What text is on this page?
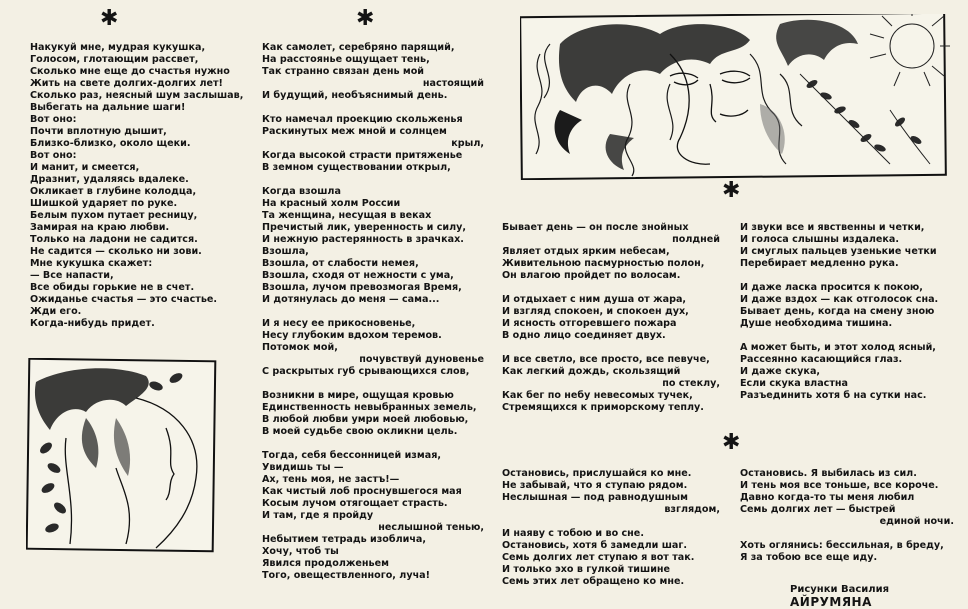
✱	✱
✱
✱
Накукуй мне, мудрая кукушка,
Голосом, глотающим рассвет,
Сколько мне еще до счастья нужно
Жить на свете долгих-долгих лет!
Сколько раз, неясный шум заслышав,
Выбегать на дальние шаги!
Вот оно:
Почти вплотную дышит,
Близко-близко, около щеки.
Вот оно:
И манит, и смеется,
Дразнит, удаляясь вдалеке.
Окликает в глубине колодца,
Шишкой ударяет по руке.
Белым пухом путает ресницу,
Замирая на краю любви.
Только на ладони не садится.
Не садится — сколько ни зови.
Мне кукушка скажет:
— Все напасти,
Все обиды горькие не в счет.
Ожиданье счастья — это счастье.
Жди его.
Когда-нибудь придет.
Как самолет, серебряно парящий,
На расстоянье ощущает тень,
Так странно связан день мой
настоящий
И будущий, необъяснимый день.
Кто намечал проекцию скольженья
Раскинутых меж мной и солнцем
крыл,
Когда высокой страсти притяженье
В земном существовании открыл,
Когда взошла
На красный холм России
Та женщина, несущая в веках
Пречистый лик, уверенность и силу,
И нежную растерянность в зрачках.
Взошла,
Взошла, от слабости немея,
Взошла, сходя от нежности с ума,
Взошла, лучом превозмогая Время,
И дотянулась до меня — сама...
И я несу ее прикосновенье,
Несу глубоким вдохом теремов.
Потомок мой,
почувствуй дуновенье
С раскрытых губ срывающихся слов,
Возникни в мире, ощущая кровью
Единственность невыбранных земель,
В любой любви умри моей любовью,
В моей судьбе свою окликни цель.
Тогда, себя бессонницей измая,
Увидишь ты —
Ах, тень моя, не застъ!—
Как чистый лоб проснувшегося мая
Косым лучом отягощает страсть.
И там, где я пройду
неслышной тенью,
Небытием тетрадь изоблича,
Хочу, чтоб ты
Явился продолженьем
Того, овеществленного, луча!
Бывает день — он после знойных
полдней
Являет отдых ярким небесам,
Живительною пасмурностью полон,
Он влагою пройдет по волосам.
И отдыхает с ним душа от жара,
И взгляд спокоен, и спокоен дух,
И ясность отгоревшего пожара
В одно лицо соединяет двух.
И все светло, все просто, все певуче,
Как легкий дождь, скользящий
по стеклу,
Как бег по небу невесомых тучек,
Стремящихся к приморскому теплу.
И звуки все и явственны и четки,
И голоса слышны издалека.
И смуглых пальцев узенькие четки
Перебирает медленно рука.
И даже ласка просится к покою,
И даже вздох — как отголосок сна.
Бывает день, когда на смену зною
Душе необходима тишина.
А может быть, и этот холод ясный,
Рассеянно касающийся глаз.
И даже скука,
Если скука властна
Разъединить хотя б на сутки нас.
Остановись, прислушайся ко мне.
Не забывай, что я ступаю рядом.
Неслышная — под равнодушным
взглядом,
И наяву с тобою и во сне.
Остановись, хотя б замедли шаг.
Семь долгих лет ступаю я вот так.
И только эхо в гулкой тишине
Семь этих лет обращено ко мне.
Остановись. Я выбилась из сил.
И тень моя все тоньше, все короче.
Давно когда-то ты меня любил
Семь долгих лет — быстрей
единой ночи.
Хоть оглянись: бессильная, в бреду,
Я за тобою все еще иду.
Рисунки Василия АЙРУМЯНА
